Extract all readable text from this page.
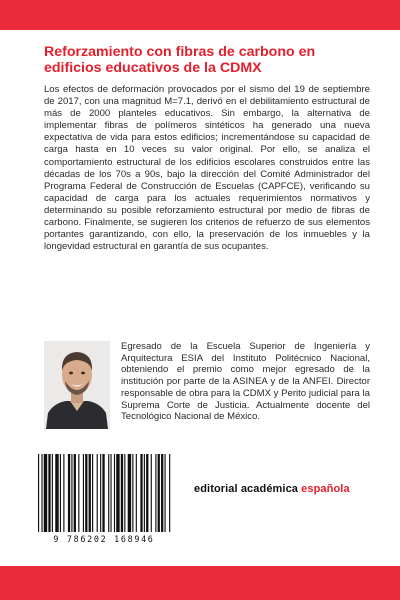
Reforzamiento con fibras de carbono en edificios educativos de la CDMX

Los efectos de deformación provocados por el sismo del 19 de septiembre de 2017, con una magnitud M=7.1, derivó en el debilitamiento estructural de más de 2000 planteles educativos. Sin embargo, la alternativa de implementar fibras de polímeros sintéticos ha generado una nueva expectativa de vida para estos edificios; incrementándose su capacidad de carga hasta en 10 veces su valor original. Por ello, se analiza el comportamiento estructural de los edificios escolares construidos entre las décadas de los 70s a 90s, bajo la dirección del Comité Administrador del Programa Federal de Construcción de Escuelas (CAPFCE), verificando su capacidad de carga para los actuales requerimientos normativos y determinando su posible reforzamiento estructural por medio de fibras de carbono. Finalmente, se sugieren los criterios de refuerzo de sus elementos portantes garantizando, con ello, la preservación de los inmuebles y la longevidad estructural en garantía de sus ocupantes.

Egresado de la Escuela Superior de Ingeniería y Arquitectura ESIA del Instituto Politécnico Nacional, obteniendo el premio como mejor egresado de la institución por parte de la ASINEA y de la ANFEI. Director responsable de obra para la CDMX y Perito judicial para la Suprema Corte de Justicia. Actualmente docente del Tecnológico Nacional de México.

9 786202 168946
editorial académica española
